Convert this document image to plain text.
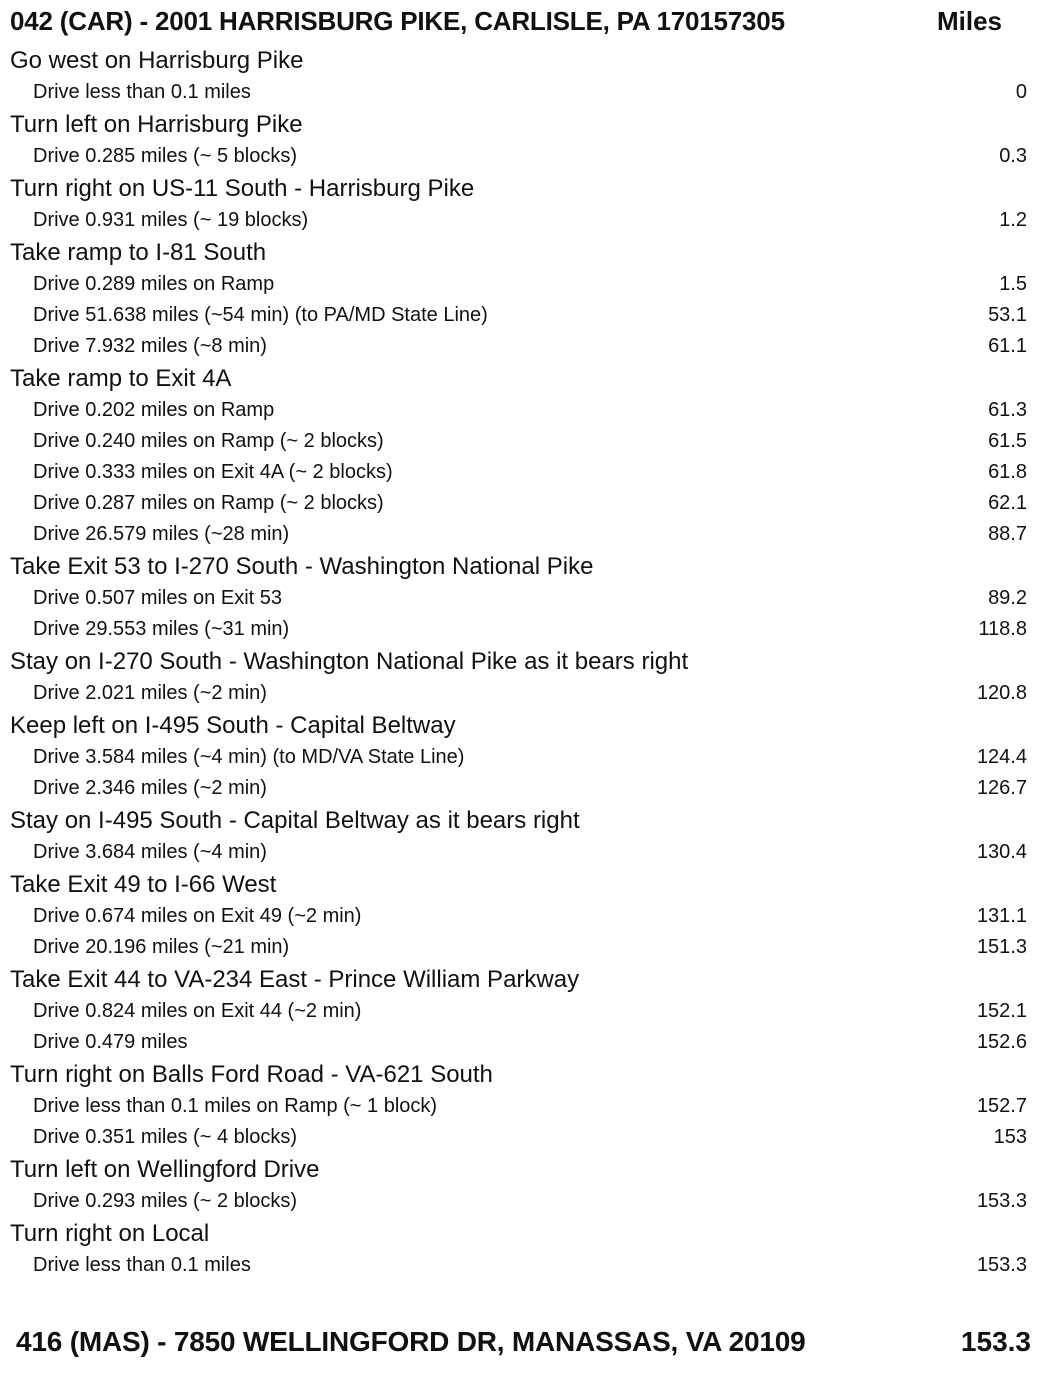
042 (CAR) - 2001 HARRISBURG PIKE, CARLISLE, PA 170157305	Miles
Go west on Harrisburg Pike
Drive less than 0.1 miles	0
Turn left on Harrisburg Pike
Drive 0.285 miles (~ 5 blocks)	0.3
Turn right on US-11 South - Harrisburg Pike
Drive 0.931 miles (~ 19 blocks)	1.2
Take ramp to I-81 South
Drive 0.289 miles on Ramp	1.5
Drive 51.638 miles (~54 min) (to PA/MD State Line)	53.1
Drive 7.932 miles (~8 min)	61.1
Take ramp to Exit 4A
Drive 0.202 miles on Ramp	61.3
Drive 0.240 miles on Ramp (~ 2 blocks)	61.5
Drive 0.333 miles on Exit 4A (~ 2 blocks)	61.8
Drive 0.287 miles on Ramp (~ 2 blocks)	62.1
Drive 26.579 miles (~28 min)	88.7
Take Exit 53 to I-270 South - Washington National Pike
Drive 0.507 miles on Exit 53	89.2
Drive 29.553 miles (~31 min)	118.8
Stay on I-270 South - Washington National Pike as it bears right
Drive 2.021 miles (~2 min)	120.8
Keep left on I-495 South - Capital Beltway
Drive 3.584 miles (~4 min) (to MD/VA State Line)	124.4
Drive 2.346 miles (~2 min)	126.7
Stay on I-495 South - Capital Beltway as it bears right
Drive 3.684 miles (~4 min)	130.4
Take Exit 49 to I-66 West
Drive 0.674 miles on Exit 49 (~2 min)	131.1
Drive 20.196 miles (~21 min)	151.3
Take Exit 44 to VA-234 East - Prince William Parkway
Drive 0.824 miles on Exit 44 (~2 min)	152.1
Drive 0.479 miles	152.6
Turn right on Balls Ford Road - VA-621 South
Drive less than 0.1 miles on Ramp (~ 1 block)	152.7
Drive 0.351 miles (~ 4 blocks)	153
Turn left on Wellingford Drive
Drive 0.293 miles (~ 2 blocks)	153.3
Turn right on Local
Drive less than 0.1 miles	153.3
416 (MAS) - 7850 WELLINGFORD DR, MANASSAS, VA 20109	153.3
